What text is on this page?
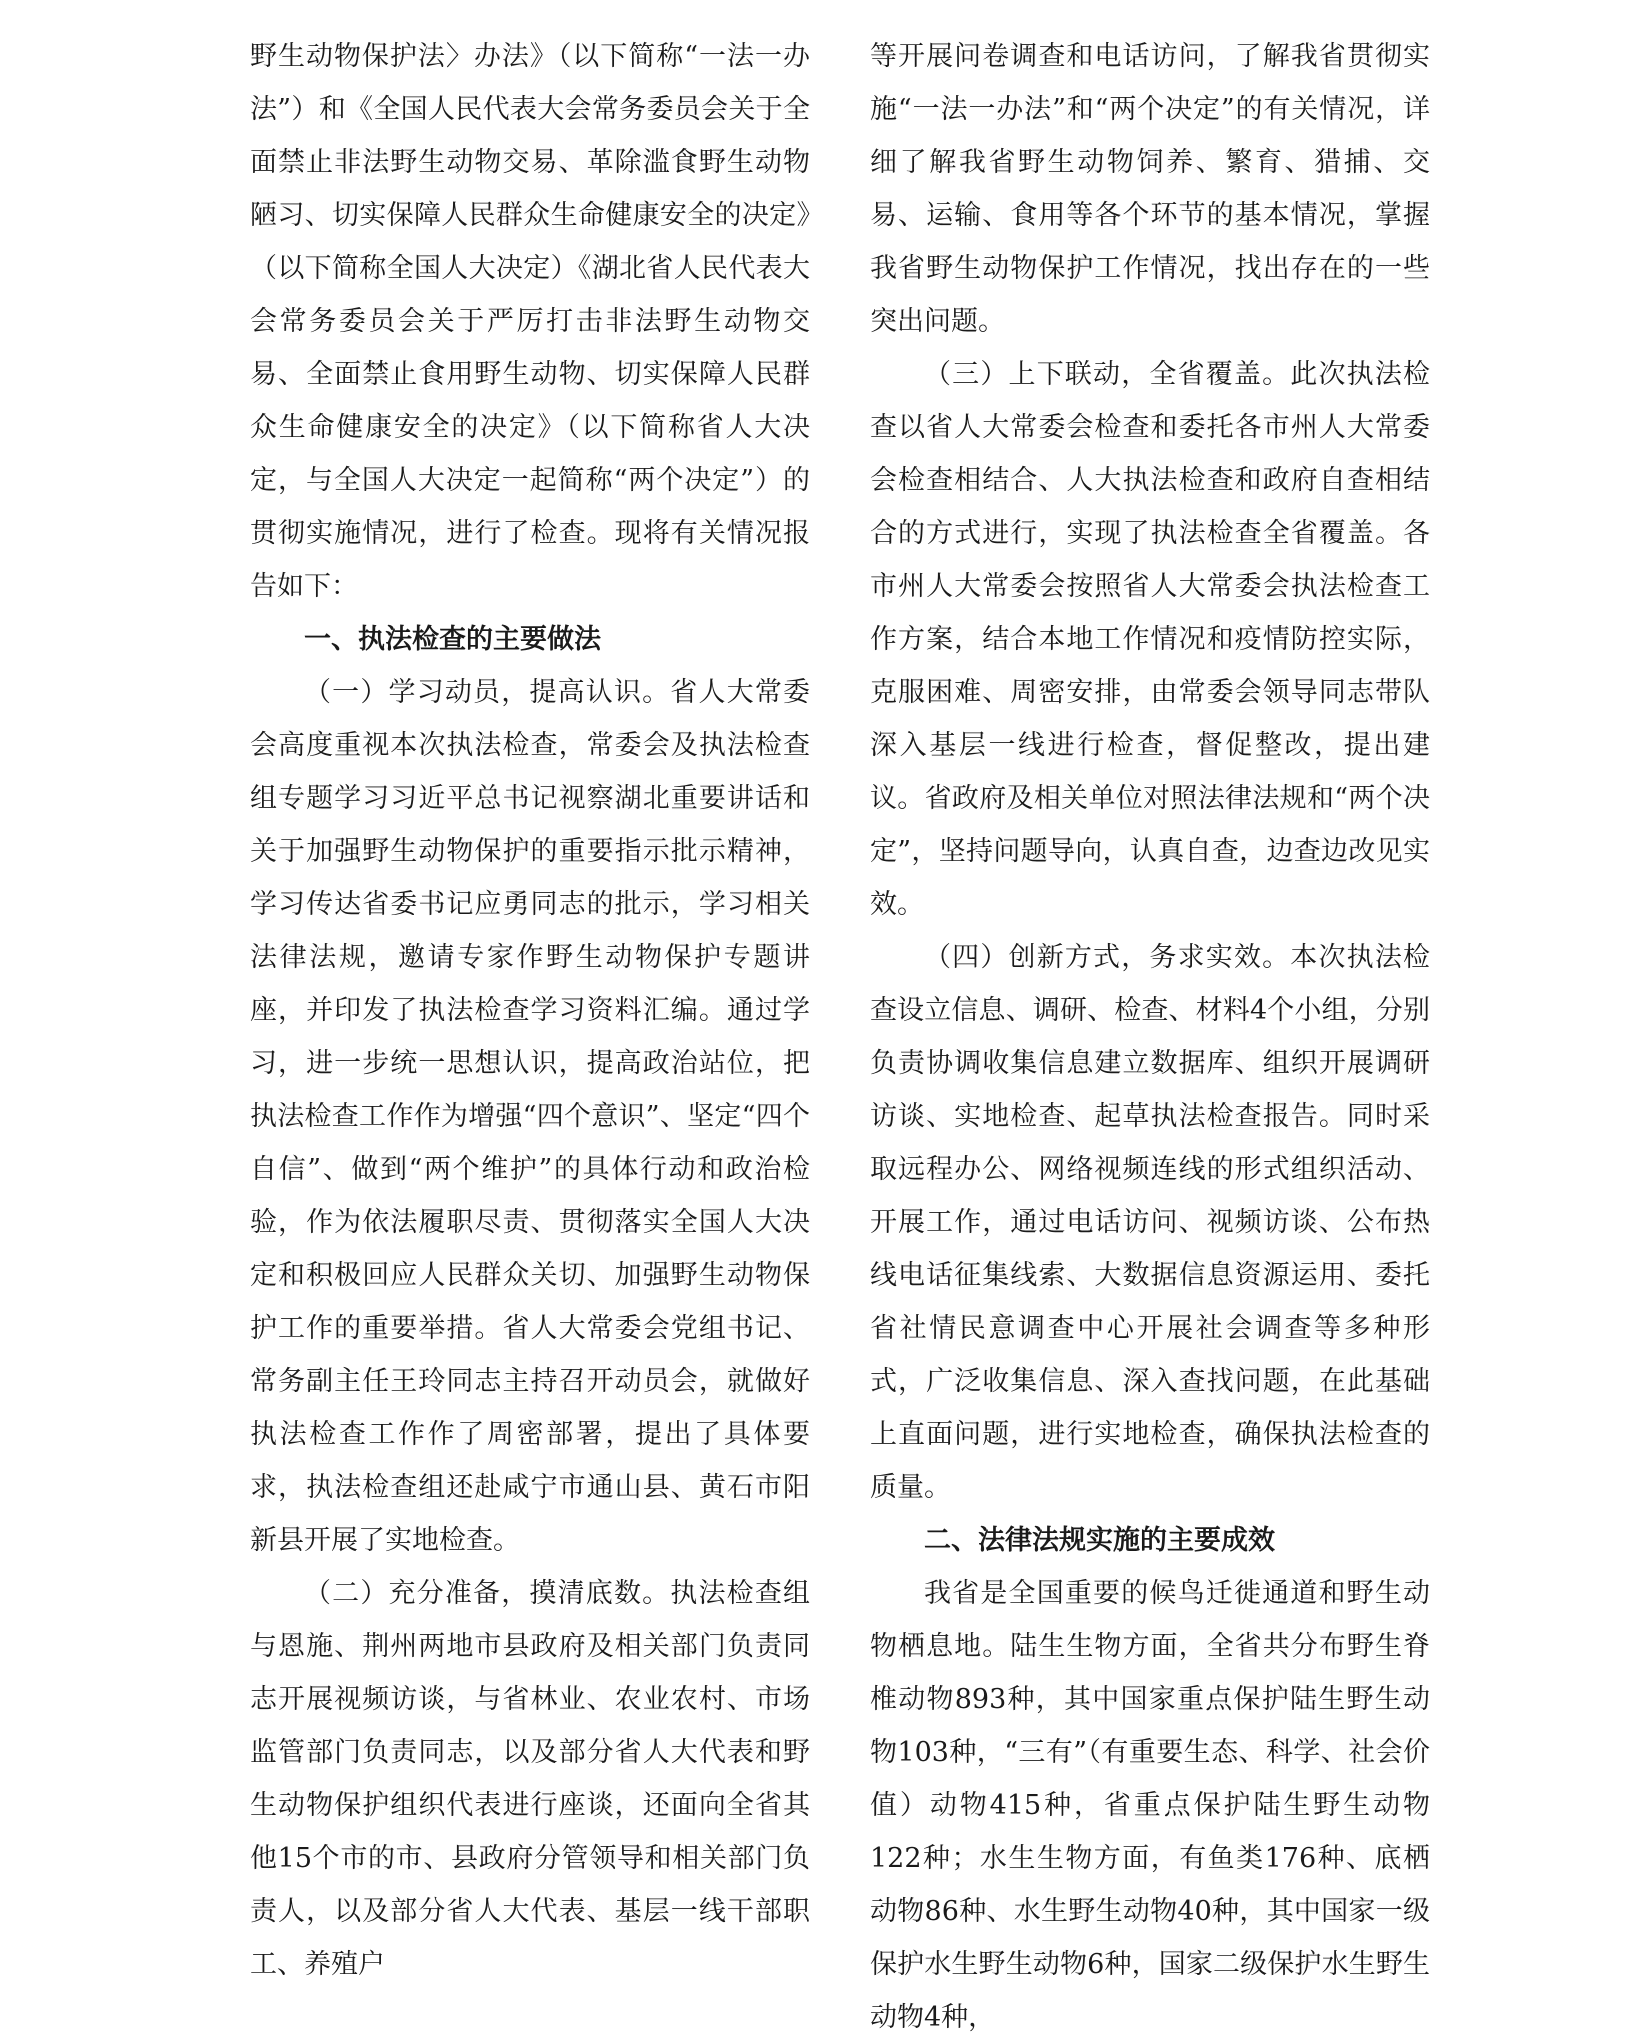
野生动物保护法〉办法》（以下简称“一法一办法”）和《全国人民代表大会常务委员会关于全面禁止非法野生动物交易、革除滥食野生动物陋习、切实保障人民群众生命健康安全的决定》（以下简称全国人大决定）《湖北省人民代表大会常务委员会关于严厉打击非法野生动物交易、全面禁止食用野生动物、切实保障人民群众生命健康安全的决定》（以下简称省人大决定，与全国人大决定一起简称“两个决定”）的贯彻实施情况，进行了检查。现将有关情况报告如下：

一、执法检查的主要做法

（一）学习动员，提高认识。省人大常委会高度重视本次执法检查，常委会及执法检查组专题学习习近平总书记视察湖北重要讲话和关于加强野生动物保护的重要指示批示精神，学习传达省委书记应勇同志的批示，学习相关法律法规，邀请专家作野生动物保护专题讲座，并印发了执法检查学习资料汇编。通过学习，进一步统一思想认识，提高政治站位，把执法检查工作作为增强“四个意识”、坚定“四个自信”、做到“两个维护”的具体行动和政治检验，作为依法履职尽责、贯彻落实全国人大决定和积极回应人民群众关切、加强野生动物保护工作的重要举措。省人大常委会党组书记、常务副主任王玲同志主持召开动员会，就做好执法检查工作作了周密部署，提出了具体要求，执法检查组还赴咸宁市通山县、黄石市阳新县开展了实地检查。

（二）充分准备，摸清底数。执法检查组与恩施、荆州两地市县政府及相关部门负责同志开展视频访谈，与省林业、农业农村、市场监管部门负责同志，以及部分省人大代表和野生动物保护组织代表进行座谈，还面向全省其他15个市的市、县政府分管领导和相关部门负责人，以及部分省人大代表、基层一线干部职工、养殖户

等开展问卷调查和电话访问，了解我省贯彻实施“一法一办法”和“两个决定”的有关情况，详细了解我省野生动物饲养、繁育、猎捕、交易、运输、食用等各个环节的基本情况，掌握我省野生动物保护工作情况，找出存在的一些突出问题。

（三）上下联动，全省覆盖。此次执法检查以省人大常委会检查和委托各市州人大常委会检查相结合、人大执法检查和政府自查相结合的方式进行，实现了执法检查全省覆盖。各市州人大常委会按照省人大常委会执法检查工作方案，结合本地工作情况和疫情防控实际，克服困难、周密安排，由常委会领导同志带队深入基层一线进行检查，督促整改，提出建议。省政府及相关单位对照法律法规和“两个决定”，坚持问题导向，认真自查，边查边改见实效。

（四）创新方式，务求实效。本次执法检查设立信息、调研、检查、材料4个小组，分别负责协调收集信息建立数据库、组织开展调研访谈、实地检查、起草执法检查报告。同时采取远程办公、网络视频连线的形式组织活动、开展工作，通过电话访问、视频访谈、公布热线电话征集线索、大数据信息资源运用、委托省社情民意调查中心开展社会调查等多种形式，广泛收集信息、深入查找问题，在此基础上直面问题，进行实地检查，确保执法检查的质量。

二、法律法规实施的主要成效

我省是全国重要的候鸟迁徙通道和野生动物栖息地。陆生生物方面，全省共分布野生脊椎动物893种，其中国家重点保护陆生野生动物103种，“三有”（有重要生态、科学、社会价值）动物415种，省重点保护陆生野生动物122种；水生生物方面，有鱼类176种、底栖动物86种、水生野生动物40种，其中国家一级保护水生野生动物6种，国家二级保护水生野生动物4种，
